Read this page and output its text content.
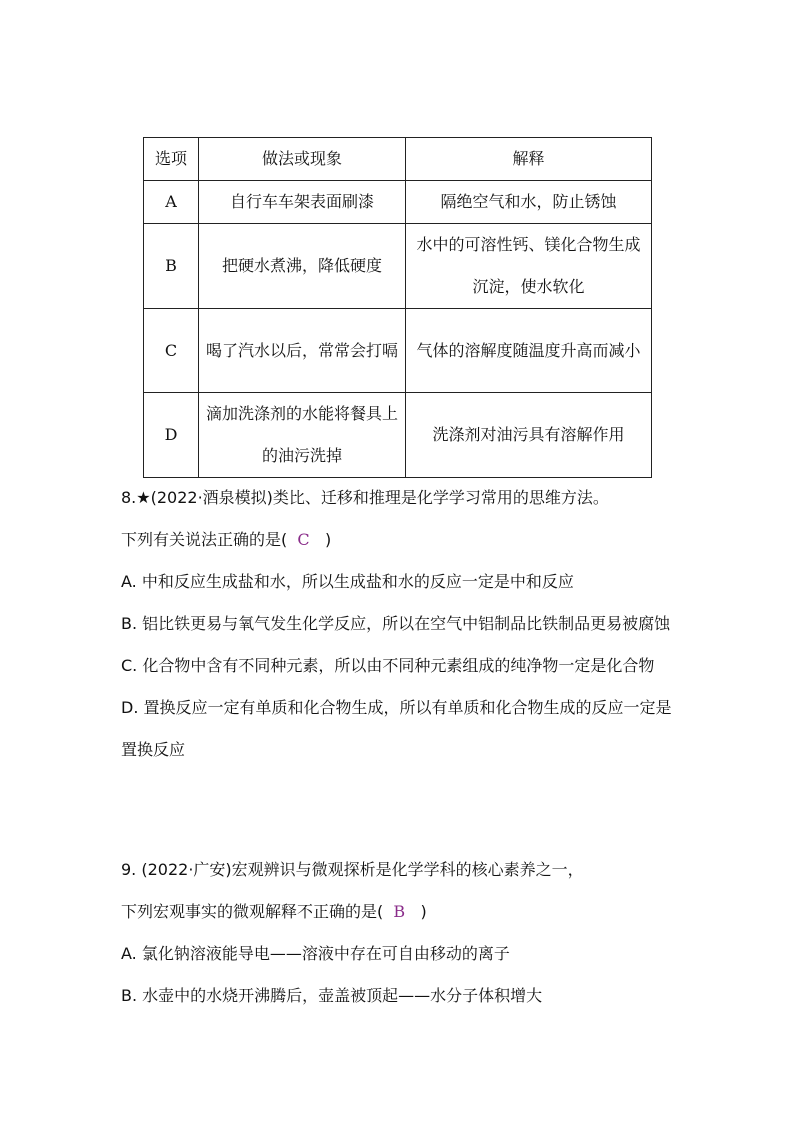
选项	做法或现象	解释
A	自行车车架表面刷漆	隔绝空气和水，防止锈蚀
B	把硬水煮沸，降低硬度	水中的可溶性钙、镁化合物生成沉淀，使水软化
C	喝了汽水以后，常常会打嗝	气体的溶解度随温度升高而减小
D	滴加洗涤剂的水能将餐具上的油污洗掉	洗涤剂对油污具有溶解作用
8.★(2022·酒泉模拟)类比、迁移和推理是化学学习常用的思维方法。
下列有关说法正确的是( C )
A. 中和反应生成盐和水，所以生成盐和水的反应一定是中和反应
B. 铝比铁更易与氧气发生化学反应，所以在空气中铝制品比铁制品更易被腐蚀
C. 化合物中含有不同种元素，所以由不同种元素组成的纯净物一定是化合物
D. 置换反应一定有单质和化合物生成，所以有单质和化合物生成的反应一定是置换反应
9. (2022·广安)宏观辨识与微观探析是化学学科的核心素养之一，
下列宏观事实的微观解释不正确的是( B )
A. 氯化钠溶液能导电——溶液中存在可自由移动的离子
B. 水壶中的水烧开沸腾后，壶盖被顶起——水分子体积增大
